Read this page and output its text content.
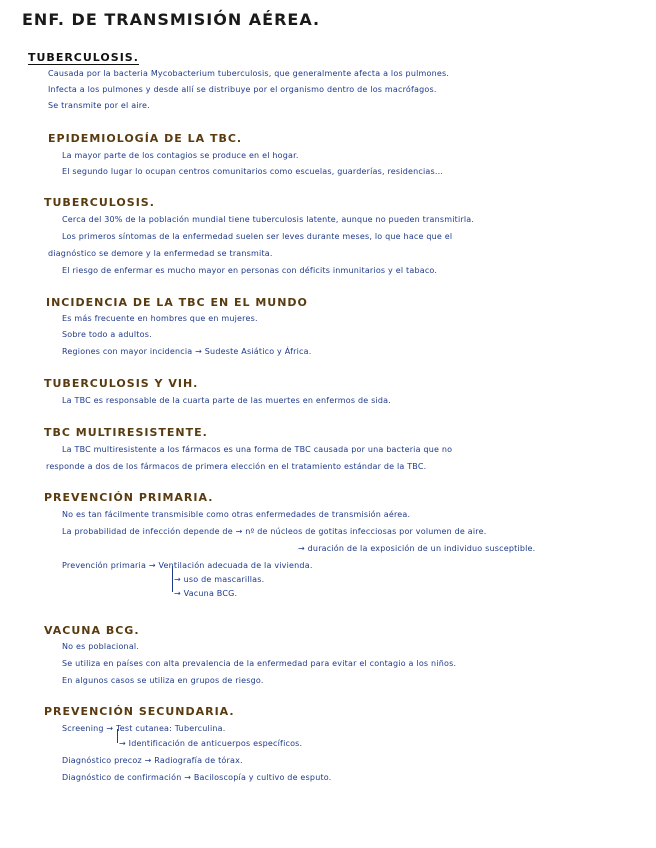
ENF. DE TRANSMISIÓN AÉREA.
TUBERCULOSIS.
Causada por la bacteria Mycobacterium tuberculosis, que generalmente afecta a los pulmones.
Infecta a los pulmones y desde allí se distribuye por el organismo dentro de los macrófagos.
Se transmite por el aire.
EPIDEMIOLOGÍA DE LA TBC.
La mayor parte de los contagios se produce en el hogar.
El segundo lugar lo ocupan centros comunitarios como escuelas, guarderías, residencias...
TUBERCULOSIS.
Cerca del 30% de la población mundial tiene tuberculosis latente, aunque no pueden transmitirla.
Los primeros síntomas de la enfermedad suelen ser leves durante meses, lo que hace que el
diagnóstico se demore y la enfermedad se transmita.
El riesgo de enfermar es mucho mayor en personas con déficits inmunitarios y el tabaco.
INCIDENCIA DE LA TBC EN EL MUNDO
Es más frecuente en hombres que en mujeres.
Sobre todo a adultos.
Regiones con mayor incidencia → Sudeste Asiático y África.
TUBERCULOSIS Y VIH.
La TBC es responsable de la cuarta parte de las muertes en enfermos de sida.
TBC MULTIRESISTENTE.
La TBC multiresistente a los fármacos es una forma de TBC causada por una bacteria que no
responde a dos de los fármacos de primera elección en el tratamiento estándar de la TBC.
PREVENCIÓN PRIMARIA.
No es tan fácilmente transmisible como otras enfermedades de transmisión aérea.
La probabilidad de infección depende de → nº de núcleos de gotitas infecciosas por volumen de aire.
→ duración de la exposición de un individuo susceptible.
Prevención primaria → Ventilación adecuada de la vivienda.
→ uso de mascarillas.
→ Vacuna BCG.
VACUNA BCG.
No es poblacional.
Se utiliza en países con alta prevalencia de la enfermedad para evitar el contagio a los niños.
En algunos casos se utiliza en grupos de riesgo.
PREVENCIÓN SECUNDARIA.
Screening → Test cutanea: Tuberculina.
→ Identificación de anticuerpos específicos.
Diagnóstico precoz → Radiografía de tórax.
Diagnóstico de confirmación → Baciloscopía y cultivo de esputo.
